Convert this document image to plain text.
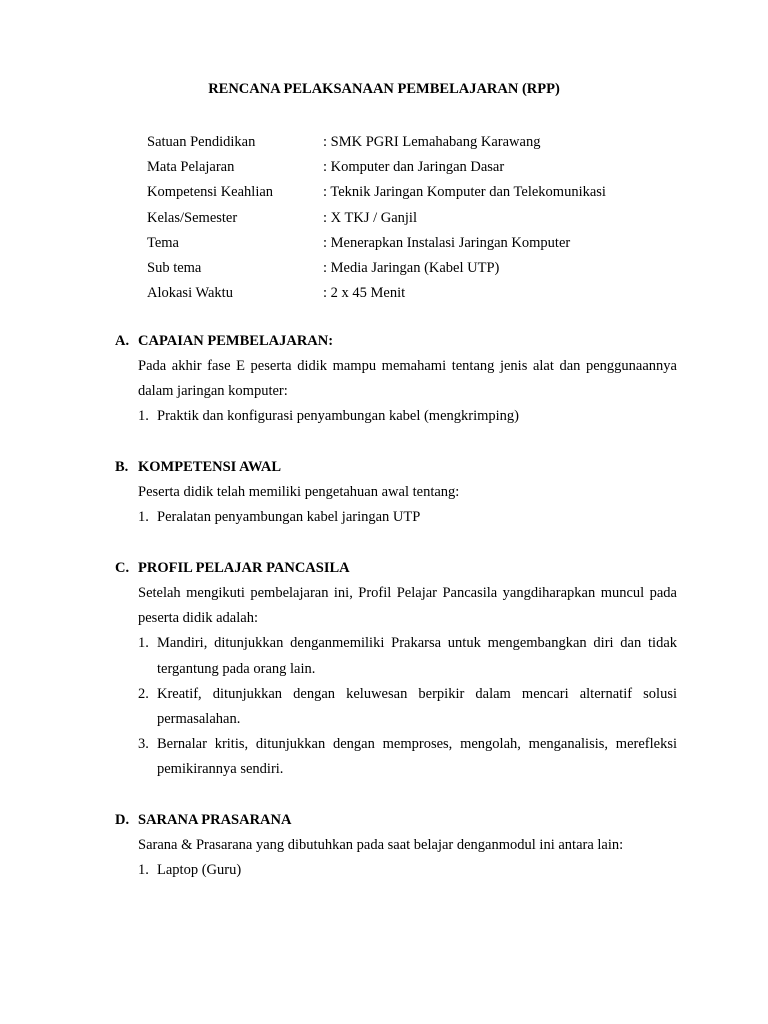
RENCANA PELAKSANAAN PEMBELAJARAN (RPP)
Satuan Pendidikan	: SMK PGRI Lemahabang Karawang
Mata Pelajaran	: Komputer dan Jaringan Dasar
Kompetensi Keahlian	: Teknik Jaringan Komputer dan Telekomunikasi
Kelas/Semester	: X TKJ / Ganjil
Tema	: Menerapkan Instalasi Jaringan Komputer
Sub tema	: Media Jaringan (Kabel UTP)
Alokasi Waktu	: 2 x 45 Menit
A. CAPAIAN PEMBELAJARAN:

Pada akhir fase E peserta didik mampu memahami tentang jenis alat dan penggunaannya dalam jaringan komputer:

1. Praktik dan konfigurasi penyambungan kabel (mengkrimping)
B. KOMPETENSI AWAL

Peserta didik telah memiliki pengetahuan awal tentang:

1. Peralatan penyambungan kabel jaringan UTP
C. PROFIL PELAJAR PANCASILA

Setelah mengikuti pembelajaran ini, Profil Pelajar Pancasila yangdiharapkan muncul pada peserta didik adalah:

1. Mandiri, ditunjukkan denganmemiliki Prakarsa untuk mengembangkan diri dan tidak tergantung pada orang lain.
2. Kreatif, ditunjukkan dengan keluwesan berpikir dalam mencari alternatif solusi permasalahan.
3. Bernalar kritis, ditunjukkan dengan memproses, mengolah, menganalisis, merefleksi pemikirannya sendiri.
D. SARANA PRASARANA

Sarana & Prasarana yang dibutuhkan pada saat belajar denganmodul ini antara lain:

1. Laptop (Guru)
